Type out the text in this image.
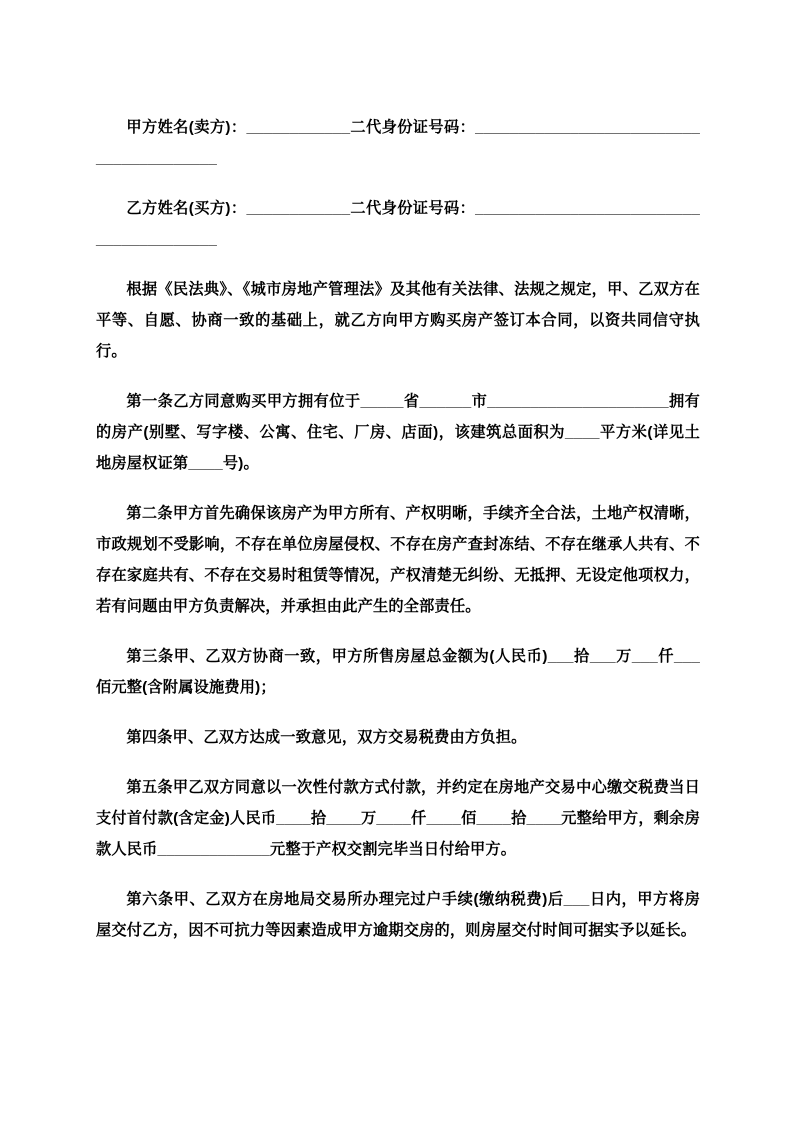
甲方姓名(卖方)：____________二代身份证号码：________________________________________

乙方姓名(买方)：____________二代身份证号码：________________________________________

根据《民法典》、《城市房地产管理法》及其他有关法律、法规之规定，甲、乙双方在平等、自愿、协商一致的基础上，就乙方向甲方购买房产签订本合同，以资共同信守执行。

第一条乙方同意购买甲方拥有位于_____省______市_____________________拥有的房产(别墅、写字楼、公寓、住宅、厂房、店面)，该建筑总面积为____平方米(详见土地房屋权证第____号)。

第二条甲方首先确保该房产为甲方所有、产权明晰，手续齐全合法，土地产权清晰，市政规划不受影响，不存在单位房屋侵权、不存在房产查封冻结、不存在继承人共有、不存在家庭共有、不存在交易时租赁等情况，产权清楚无纠纷、无抵押、无设定他项权力，若有问题由甲方负责解决，并承担由此产生的全部责任。

第三条甲、乙双方协商一致，甲方所售房屋总金额为(人民币)___拾___万___仟___佰元整(含附属设施费用)；

第四条甲、乙双方达成一致意见，双方交易税费由方负担。

第五条甲乙双方同意以一次性付款方式付款，并约定在房地产交易中心缴交税费当日支付首付款(含定金)人民币____拾____万____仟____佰____拾____元整给甲方，剩余房款人民币_____________元整于产权交割完毕当日付给甲方。

第六条甲、乙双方在房地局交易所办理完过户手续(缴纳税费)后___日内，甲方将房屋交付乙方，因不可抗力等因素造成甲方逾期交房的，则房屋交付时间可据实予以延长。
